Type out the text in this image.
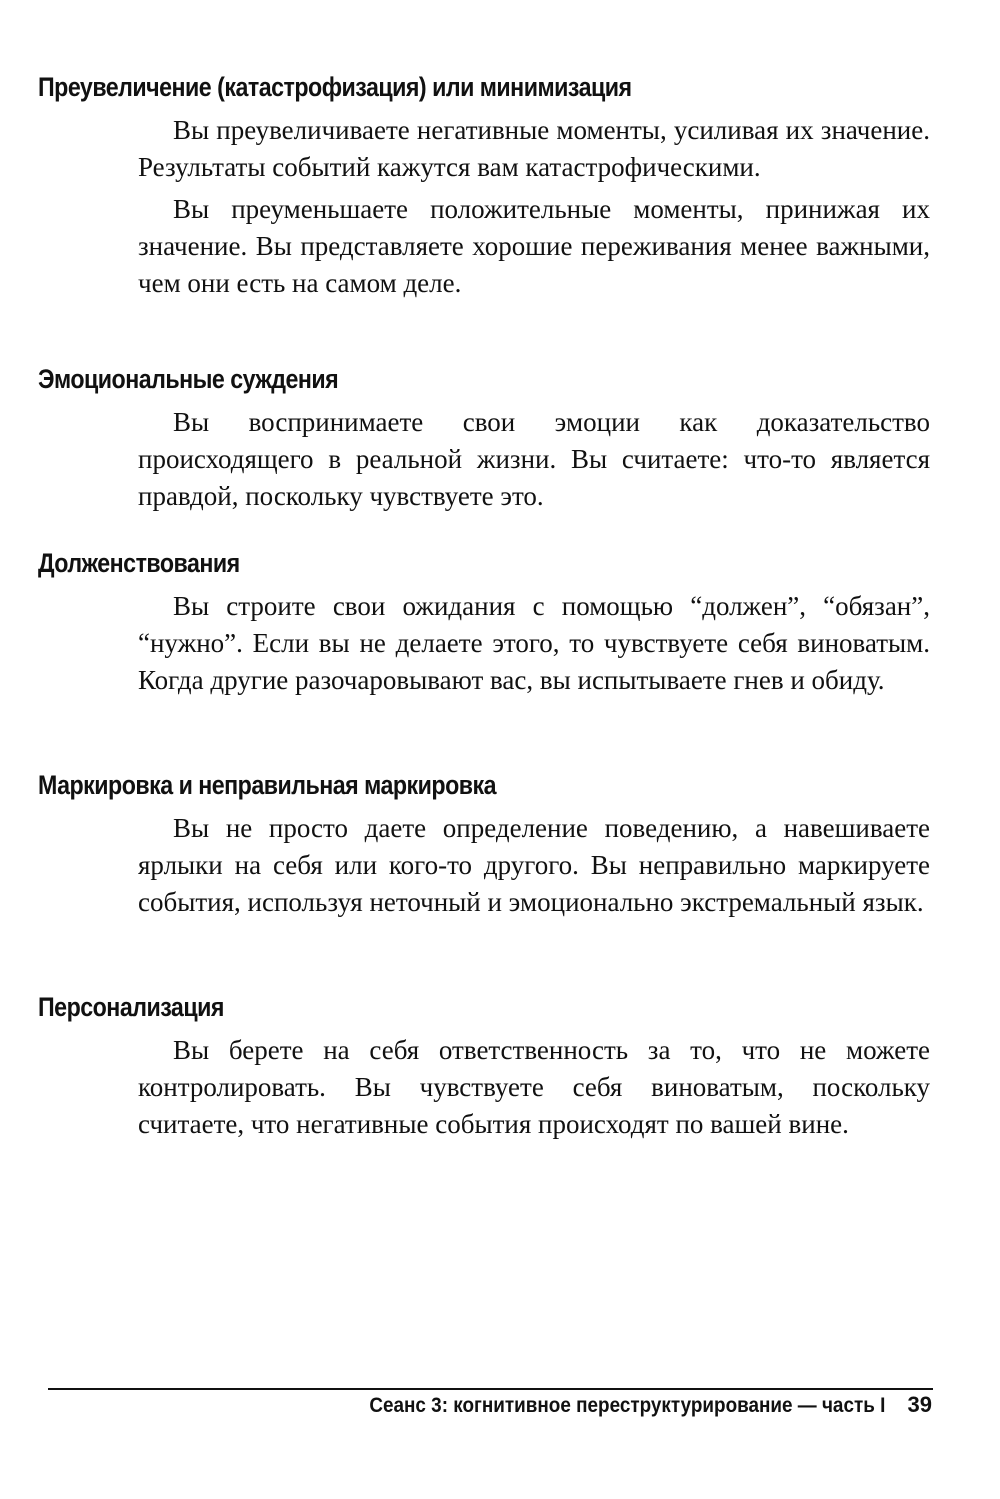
Преувеличение (катастрофизация) или минимизация

Вы преувеличиваете негативные моменты, усиливая их значение. Результаты событий кажутся вам катастрофическими.

Вы преуменьшаете положительные моменты, принижая их значение. Вы представляете хорошие переживания менее важными, чем они есть на самом деле.

Эмоциональные суждения

Вы воспринимаете свои эмоции как доказательство происходящего в реальной жизни. Вы считаете: что-то является правдой, поскольку чувствуете это.

Долженствования

Вы строите свои ожидания с помощью “должен”, “обязан”, “нужно”. Если вы не делаете этого, то чувствуете себя виноватым. Когда другие разочаровывают вас, вы испытываете гнев и обиду.

Маркировка и неправильная маркировка

Вы не просто даете определение поведению, а навешиваете ярлыки на себя или кого-то другого. Вы неправильно маркируете события, используя неточный и эмоционально экстремальный язык.

Персонализация

Вы берете на себя ответственность за то, что не можете контролировать. Вы чувствуете себя виноватым, поскольку считаете, что негативные события происходят по вашей вине.

Сеанс 3: когнитивное переструктурирование — часть I 39
